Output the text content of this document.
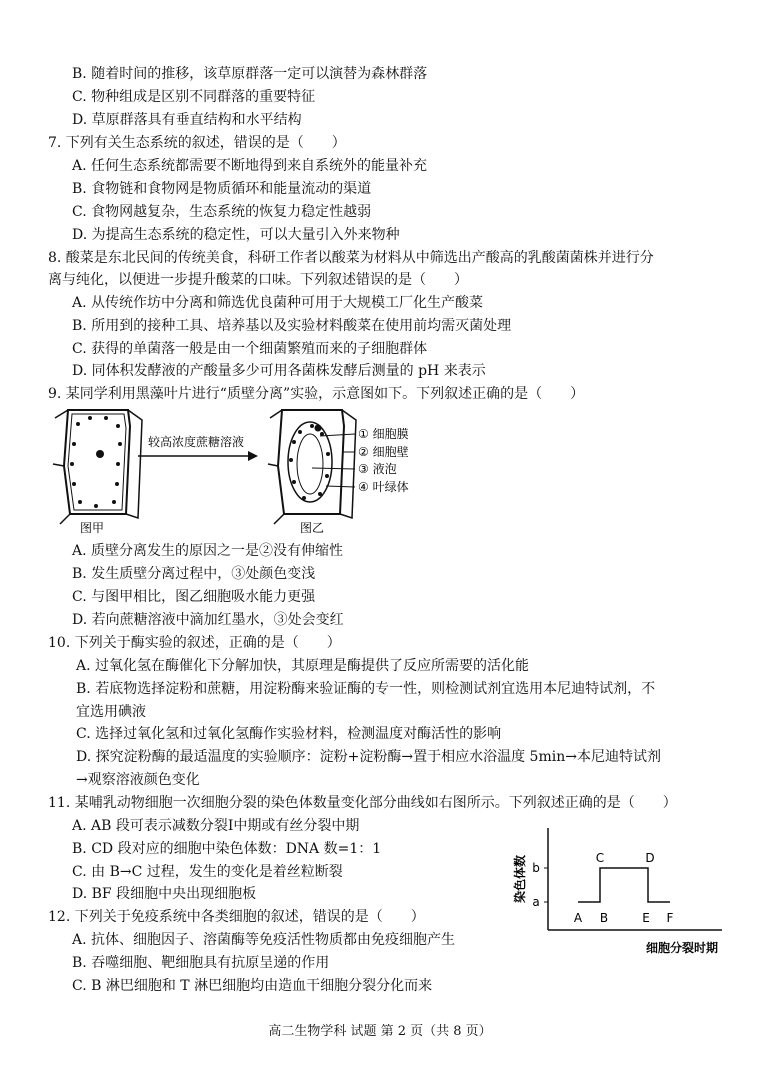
B. 随着时间的推移，该草原群落一定可以演替为森林群落
C. 物种组成是区别不同群落的重要特征
D. 草原群落具有垂直结构和水平结构
7. 下列有关生态系统的叙述，错误的是（　　）
A. 任何生态系统都需要不断地得到来自系统外的能量补充
B. 食物链和食物网是物质循环和能量流动的渠道
C. 食物网越复杂，生态系统的恢复力稳定性越弱
D. 为提高生态系统的稳定性，可以大量引入外来物种
8. 酸菜是东北民间的传统美食，科研工作者以酸菜为材料从中筛选出产酸高的乳酸菌菌株并进行分
离与纯化，以便进一步提升酸菜的口味。下列叙述错误的是（　　）
A. 从传统作坊中分离和筛选优良菌种可用于大规模工厂化生产酸菜
B. 所用到的接种工具、培养基以及实验材料酸菜在使用前均需灭菌处理
C. 获得的单菌落一般是由一个细菌繁殖而来的子细胞群体
D. 同体积发酵液的产酸量多少可用各菌株发酵后测量的 pH 来表示
9. 某同学利用黑藻叶片进行“质壁分离”实验，示意图如下。下列叙述正确的是（　　）
图甲
较高浓度蔗糖溶液
图乙
① 细胞膜
② 细胞壁
③ 液泡
④ 叶绿体
A. 质壁分离发生的原因之一是②没有伸缩性
B. 发生质壁分离过程中，③处颜色变浅
C. 与图甲相比，图乙细胞吸水能力更强
D. 若向蔗糖溶液中滴加红墨水，③处会变红
10. 下列关于酶实验的叙述，正确的是（　　）
A. 过氧化氢在酶催化下分解加快，其原理是酶提供了反应所需要的活化能
B. 若底物选择淀粉和蔗糖，用淀粉酶来验证酶的专一性，则检测试剂宜选用本尼迪特试剂，不
宜选用碘液
C. 选择过氧化氢和过氧化氢酶作实验材料，检测温度对酶活性的影响
D. 探究淀粉酶的最适温度的实验顺序：淀粉+淀粉酶→置于相应水浴温度 5min→本尼迪特试剂
→观察溶液颜色变化
11. 某哺乳动物细胞一次细胞分裂的染色体数量变化部分曲线如右图所示。下列叙述正确的是（　　）
A. AB 段可表示减数分裂Ⅰ中期或有丝分裂中期
B. CD 段对应的细胞中染色体数：DNA 数=1：1
C. 由 B→C 过程，发生的变化是着丝粒断裂
D. BF 段细胞中央出现细胞板
12. 下列关于免疫系统中各类细胞的叙述，错误的是（　　）
A. 抗体、细胞因子、溶菌酶等免疫活性物质都由免疫细胞产生
B. 吞噬细胞、靶细胞具有抗原呈递的作用
C. B 淋巴细胞和 T 淋巴细胞均由造血干细胞分裂分化而来
染色体数
细胞分裂时期
a
b
A B
C	D
E F
高二生物学科 试题 第 2 页（共 8 页）
